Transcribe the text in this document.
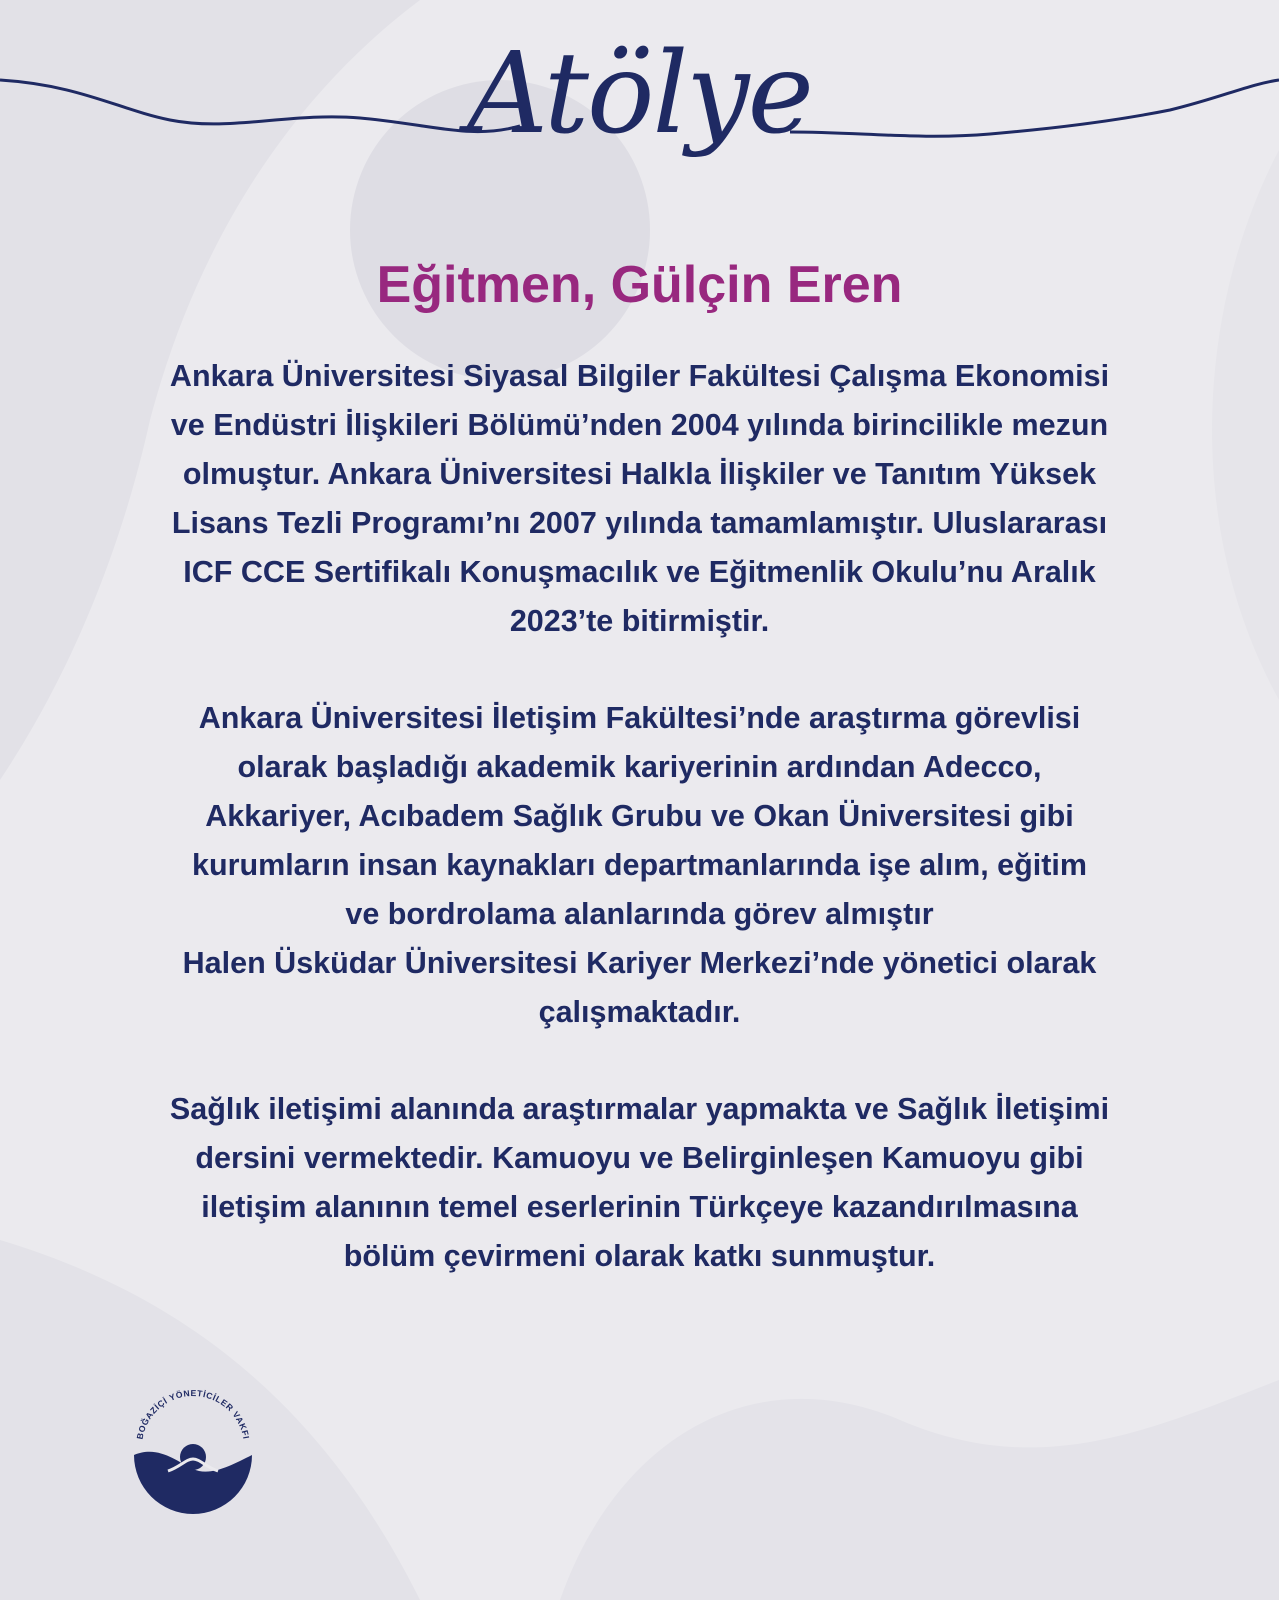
Atölye
Eğitmen, Gülçin Eren

Ankara Üniversitesi Siyasal Bilgiler Fakültesi Çalışma Ekonomisi
ve Endüstri İlişkileri Bölümü’nden 2004 yılında birincilikle mezun
olmuştur. Ankara Üniversitesi Halkla İlişkiler ve Tanıtım Yüksek
Lisans Tezli Programı’nı 2007 yılında tamamlamıştır. Uluslararası
ICF CCE Sertifikalı Konuşmacılık ve Eğitmenlik Okulu’nu Aralık
2023’te bitirmiştir.

Ankara Üniversitesi İletişim Fakültesi’nde araştırma görevlisi
olarak başladığı akademik kariyerinin ardından Adecco,
Akkariyer, Acıbadem Sağlık Grubu ve Okan Üniversitesi gibi
kurumların insan kaynakları departmanlarında işe alım, eğitim
ve bordrolama alanlarında görev almıştır
Halen Üsküdar Üniversitesi Kariyer Merkezi’nde yönetici olarak
çalışmaktadır.

Sağlık iletişimi alanında araştırmalar yapmakta ve Sağlık İletişimi
dersini vermektedir. Kamuoyu ve Belirginleşen Kamuoyu gibi
iletişim alanının temel eserlerinin Türkçeye kazandırılmasına
bölüm çevirmeni olarak katkı sunmuştur.

BOĞAZİÇİ YÖNETİCİLER VAKFI
